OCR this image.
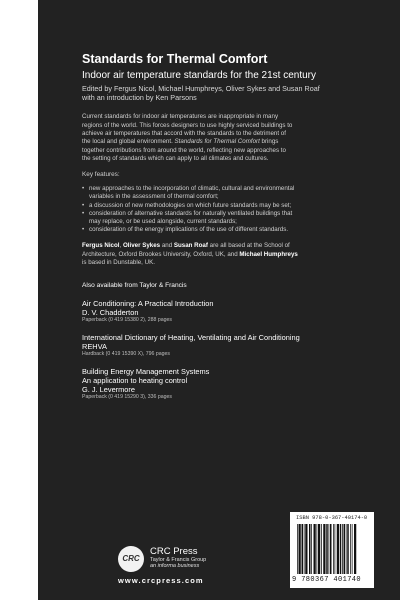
Standards for Thermal Comfort
Indoor air temperature standards for the 21st century
Edited by Fergus Nicol, Michael Humphreys, Oliver Sykes and Susan Roaf
with an introduction by Ken Parsons
Current standards for indoor air temperatures are inappropriate in many
regions of the world. This forces designers to use highly serviced buildings to
achieve air temperatures that accord with the standards to the detriment of
the local and global environment. Standards for Thermal Comfort brings
together contributions from around the world, reflecting new approaches to
the setting of standards which can apply to all climates and cultures.
Key features:
• new approaches to the incorporation of climatic, cultural and environmental
variables in the assessment of thermal comfort;
• a discussion of new methodologies on which future standards may be set;
• consideration of alternative standards for naturally ventilated buildings that
may replace, or be used alongside, current standards;
• consideration of the energy implications of the use of different standards.
Fergus Nicol, Oliver Sykes and Susan Roaf are all based at the School of
Architecture, Oxford Brookes University, Oxford, UK, and Michael Humphreys
is based in Dunstable, UK.
Also available from Taylor & Francis
Air Conditioning: A Practical Introduction
D. V. Chadderton
Paperback (0 419 15380 2), 288 pages
International Dictionary of Heating, Ventilating and Air Conditioning
REHVA
Hardback (0 419 15390 X), 796 pages
Building Energy Management Systems
An application to heating control
G. J. Levermore
Paperback (0 419 15290 3), 336 pages
CRC
CRC Press
Taylor & Francis Group
an informa business
www.crcpress.com
ISBN 978-0-367-40174-0
9 780367 401740
